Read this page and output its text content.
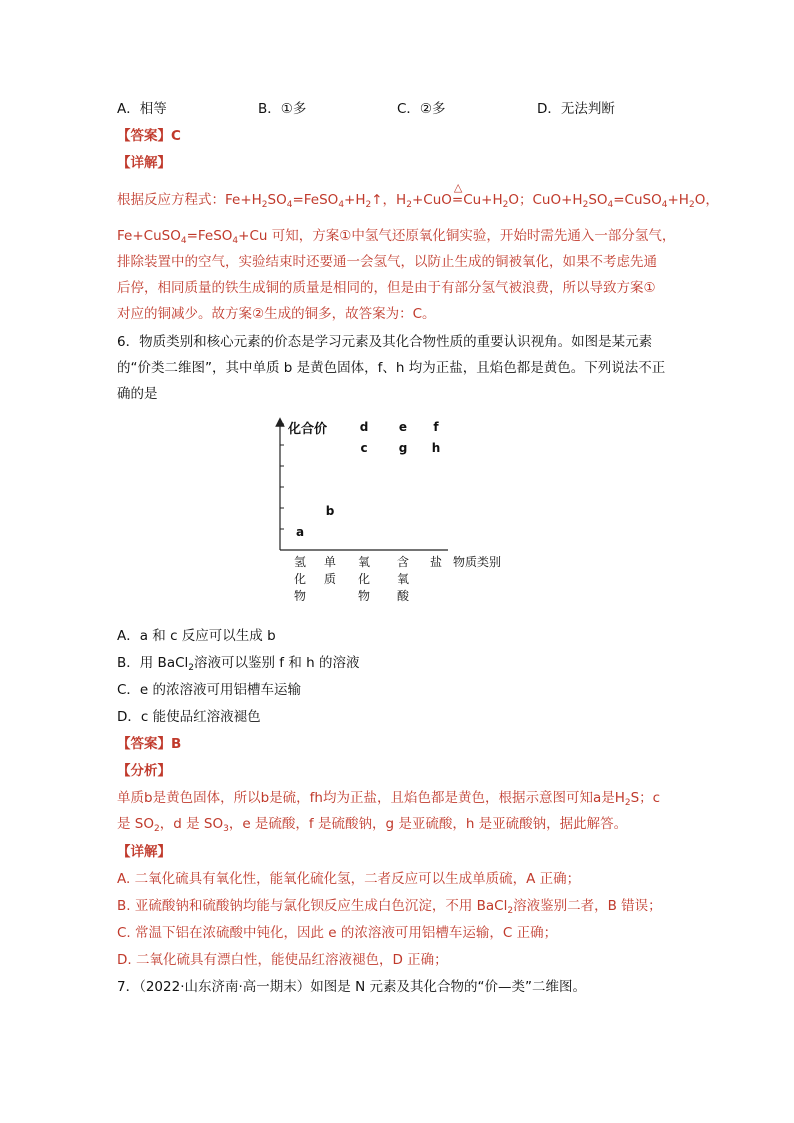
A．相等	B．①多	C．②多	D．无法判断
【答案】C
【详解】
根据反应方程式：$Fe+H_2SO_4=FeSO_4+H_2↑$，$H_2+CuO$
△
$=Cu+H_2O$；$CuO+H_2SO_4=CuSO_4+H_2O$，
Fe+CuSO$_4$=FeSO$_4$+Cu 可知，方案①中氢气还原氧化铜实验，开始时需先通入一部分氢气，
排除装置中的空气，实验结束时还要通一会氢气，以防止生成的铜被氧化，如果不考虑先通
后停，相同质量的铁生成铜的质量是相同的，但是由于有部分氢气被浪费，所以导致方案①
对应的铜减少。故方案②生成的铜多，故答案为：C。
6．物质类别和核心元素的价态是学习元素及其化合物性质的重要认识视角。如图是某元素
的“价类二维图”，其中单质 b 是黄色固体，f、h 均为正盐，且焰色都是黄色。下列说法不正
确的是
化合价
物质类别
氢
化
物
单
质
氧
化
物
含
氧
酸
盐
a
b
c
d	e
g
f
h
A．a 和 c 反应可以生成 b
B．用 BaCl$_2$溶液可以鉴别 f 和 h 的溶液
C．e 的浓溶液可用铝槽车运输
D．c 能使品红溶液褪色
【答案】B
【分析】
单质b是黄色固体，所以b是硫，fh均为正盐，且焰色都是黄色，根据示意图可知a是$H_2S$；c
是 $SO_2$，d 是 $SO_3$，e 是硫酸，f 是硫酸钠，g 是亚硫酸，h 是亚硫酸钠，据此解答。
【详解】
A. 二氧化硫具有氧化性，能氧化硫化氢，二者反应可以生成单质硫，A 正确；
B. 亚硫酸钠和硫酸钠均能与氯化钡反应生成白色沉淀，不用 BaCl$_2$溶液鉴别二者，B 错误；
C. 常温下铝在浓硫酸中钝化，因此 e 的浓溶液可用铝槽车运输，C 正确；
D. 二氧化硫具有漂白性，能使品红溶液褪色，D 正确；
7．（2022·山东济南·高一期末）如图是 N 元素及其化合物的“价—类”二维图。
